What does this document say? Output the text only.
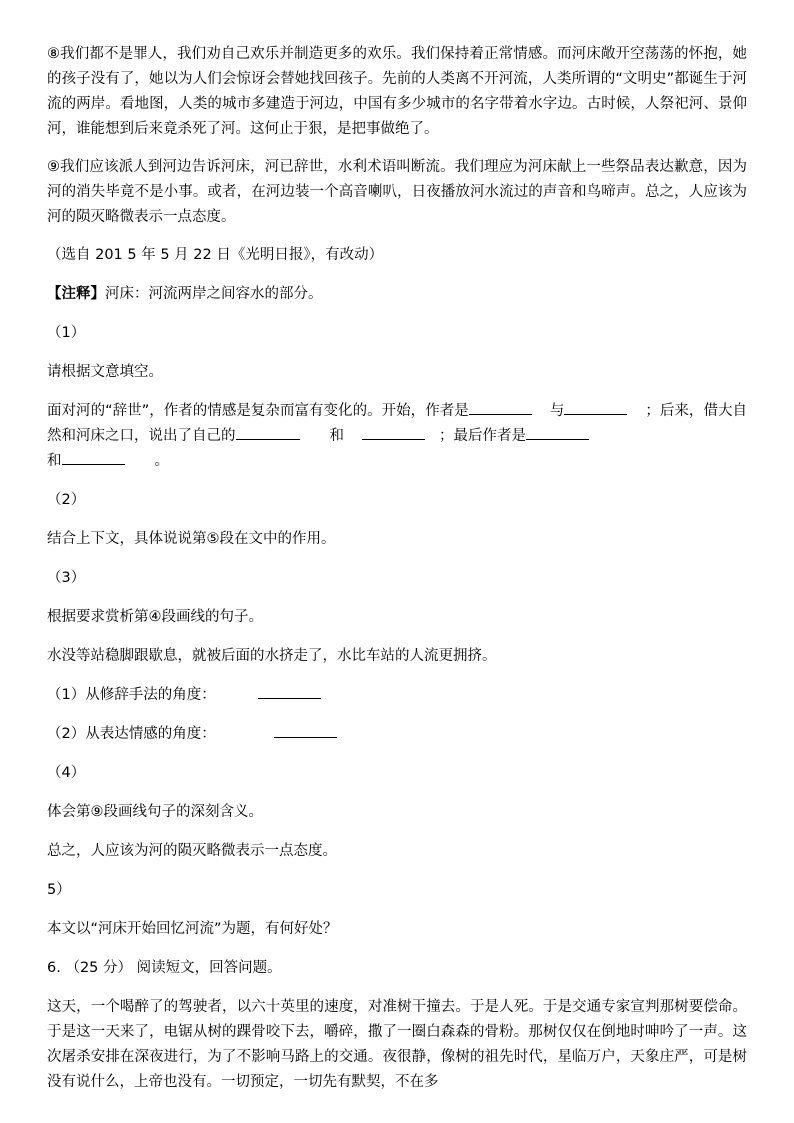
⑧我们都不是罪人，我们劝自己欢乐并制造更多的欢乐。我们保持着正常情感。而河床敞开空荡荡的怀抱，她的孩子没有了，她以为人们会惊讶会替她找回孩子。先前的人类离不开河流，人类所谓的“文明史”都诞生于河流的两岸。看地图，人类的城市多建造于河边，中国有多少城市的名字带着水字边。古时候，人祭祀河、景仰河，谁能想到后来竟杀死了河。这何止于狠，是把事做绝了。

⑨我们应该派人到河边告诉河床，河已辞世，水利术语叫断流。我们理应为河床献上一些祭品表达歉意，因为河的消失毕竟不是小事。或者，在河边装一个高音喇叭，日夜播放河水流过的声音和鸟啼声。总之，人应该为河的陨灭略微表示一点态度。

（选自 201 5 年 5 月 22 日《光明日报》，有改动）

【注释】河床：河流两岸之间容水的部分。

（1）

请根据文意填空。

面对河的“辞世”，作者的情感是复杂而富有变化的。开始，作者是	与	；后来，借大自然和河床之口，说出了自己的	和	；最后作者是
和	。

（2）

结合上下文，具体说说第⑤段在文中的作用。

（3）

根据要求赏析第④段画线的句子。

水没等站稳脚跟歇息，就被后面的水挤走了，水比车站的人流更拥挤。

（1）从修辞手法的角度：

（2）从表达情感的角度：

（4）

体会第⑨段画线句子的深刻含义。

总之，人应该为河的陨灭略微表示一点态度。

5）

本文以“河床开始回忆河流”为题，有何好处？

6. （25 分） 阅读短文，回答问题。

这天，一个喝醉了的驾驶者，以六十英里的速度，对准树干撞去。于是人死。于是交通专家宣判那树要偿命。于是这一天来了，电锯从树的踝骨咬下去，嚼碎，撒了一圈白森森的骨粉。那树仅仅在倒地时呻吟了一声。这次屠杀安排在深夜进行，为了不影响马路上的交通。夜很静，像树的祖先时代，星临万户，天象庄严，可是树没有说什么，上帝也没有。一切预定，一切先有默契，不在多
